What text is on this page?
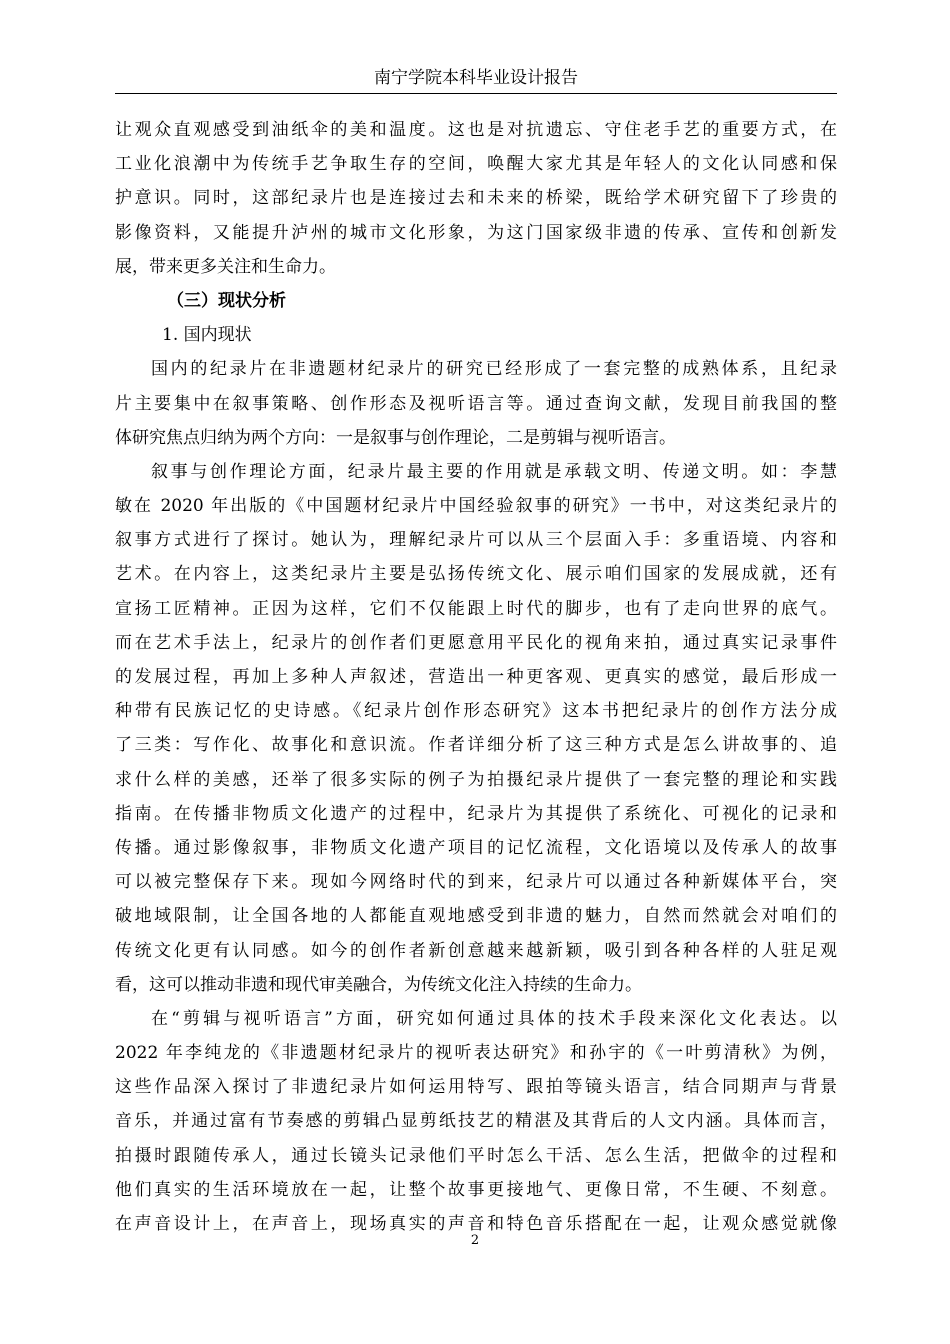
南宁学院本科毕业设计报告
让观众直观感受到油纸伞的美和温度。这也是对抗遗忘、守住老手艺的重要方式，在
工业化浪潮中为传统手艺争取生存的空间，唤醒大家尤其是年轻人的文化认同感和保
护意识。同时，这部纪录片也是连接过去和未来的桥梁，既给学术研究留下了珍贵的
影像资料，又能提升泸州的城市文化形象，为这门国家级非遗的传承、宣传和创新发
展，带来更多关注和生命力。
（三）现状分析
1. 国内现状
国内的纪录片在非遗题材纪录片的研究已经形成了一套完整的成熟体系，且纪录
片主要集中在叙事策略、创作形态及视听语言等。通过查询文献，发现目前我国的整
体研究焦点归纳为两个方向：一是叙事与创作理论，二是剪辑与视听语言。
叙事与创作理论方面，纪录片最主要的作用就是承载文明、传递文明。如：李慧
敏在 2020 年出版的《中国题材纪录片中国经验叙事的研究》一书中，对这类纪录片的
叙事方式进行了探讨。她认为，理解纪录片可以从三个层面入手：多重语境、内容和
艺术。在内容上，这类纪录片主要是弘扬传统文化、展示咱们国家的发展成就，还有
宣扬工匠精神。正因为这样，它们不仅能跟上时代的脚步，也有了走向世界的底气。
而在艺术手法上，纪录片的创作者们更愿意用平民化的视角来拍，通过真实记录事件
的发展过程，再加上多种人声叙述，营造出一种更客观、更真实的感觉，最后形成一
种带有民族记忆的史诗感。《纪录片创作形态研究》这本书把纪录片的创作方法分成
了三类：写作化、故事化和意识流。作者详细分析了这三种方式是怎么讲故事的、追
求什么样的美感，还举了很多实际的例子为拍摄纪录片提供了一套完整的理论和实践
指南。在传播非物质文化遗产的过程中，纪录片为其提供了系统化、可视化的记录和
传播。通过影像叙事，非物质文化遗产项目的记忆流程，文化语境以及传承人的故事
可以被完整保存下来。现如今网络时代的到来，纪录片可以通过各种新媒体平台，突
破地域限制，让全国各地的人都能直观地感受到非遗的魅力，自然而然就会对咱们的
传统文化更有认同感。如今的创作者新创意越来越新颖，吸引到各种各样的人驻足观
看，这可以推动非遗和现代审美融合，为传统文化注入持续的生命力。
在“剪辑与视听语言”方面，研究如何通过具体的技术手段来深化文化表达。以
2022 年李纯龙的《非遗题材纪录片的视听表达研究》和孙宇的《一叶剪清秋》为例，
这些作品深入探讨了非遗纪录片如何运用特写、跟拍等镜头语言，结合同期声与背景
音乐，并通过富有节奏感的剪辑凸显剪纸技艺的精湛及其背后的人文内涵。具体而言，
拍摄时跟随传承人，通过长镜头记录他们平时怎么干活、怎么生活，把做伞的过程和
他们真实的生活环境放在一起，让整个故事更接地气、更像日常，不生硬、不刻意。
在声音设计上，在声音上，现场真实的声音和特色音乐搭配在一起，让观众感觉就像
2
